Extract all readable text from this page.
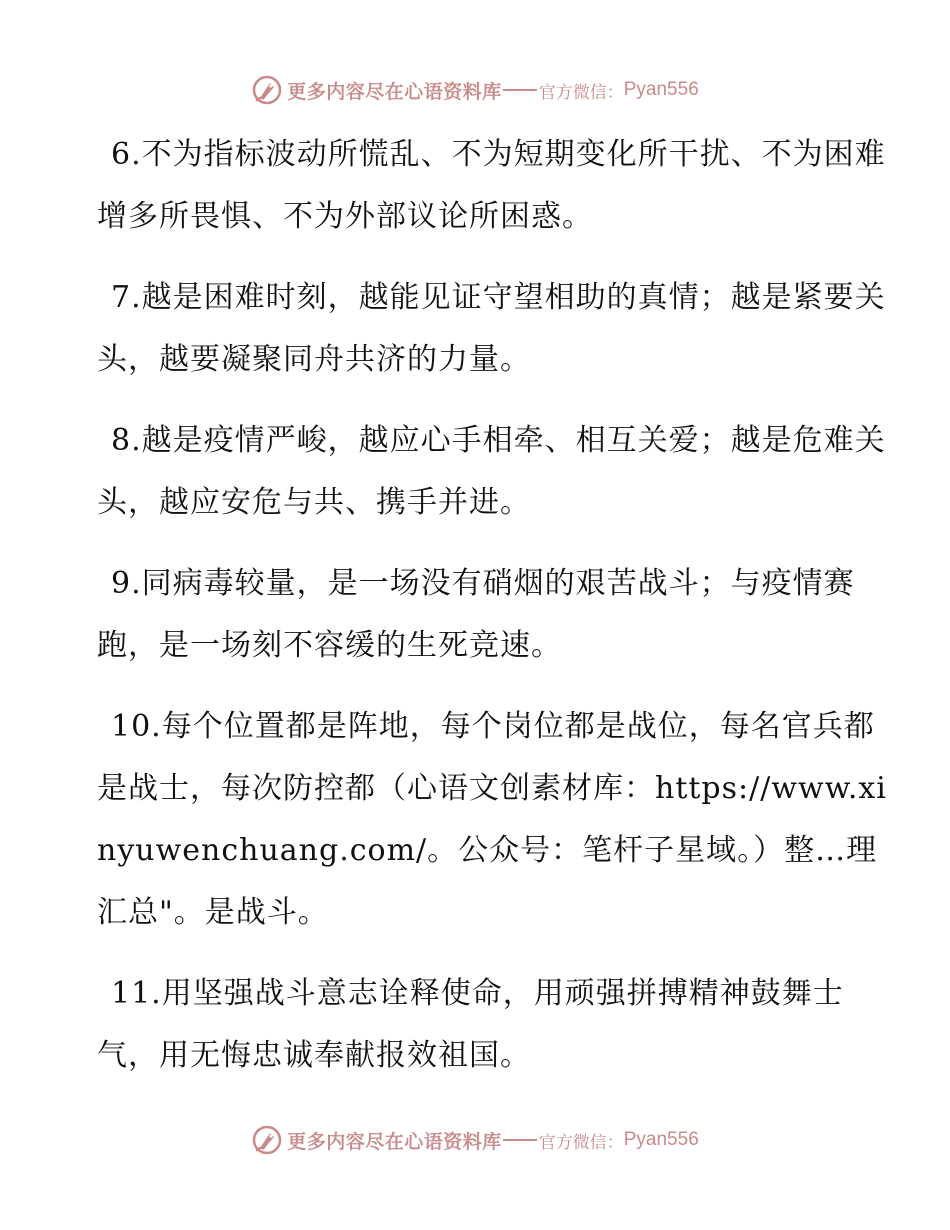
更多内容尽在心语资料库 官方微信： Pyan556

6.不为指标波动所慌乱、不为短期变化所干扰、不为困难增多所畏惧、不为外部议论所困惑。

7.越是困难时刻，越能见证守望相助的真情；越是紧要关头，越要凝聚同舟共济的力量。

8.越是疫情严峻，越应心手相牵、相互关爱；越是危难关头，越应安危与共、携手并进。

9.同病毒较量，是一场没有硝烟的艰苦战斗；与疫情赛跑，是一场刻不容缓的生死竞速。

10.每个位置都是阵地，每个岗位都是战位，每名官兵都是战士，每次防控都（心语文创素材库：https://www.xinyuwenchuang.com/。公众号：笔杆子星域。）整…理汇总"。是战斗。

11.用坚强战斗意志诠释使命，用顽强拼搏精神鼓舞士气，用无悔忠诚奉献报效祖国。

更多内容尽在心语资料库 官方微信： Pyan556
